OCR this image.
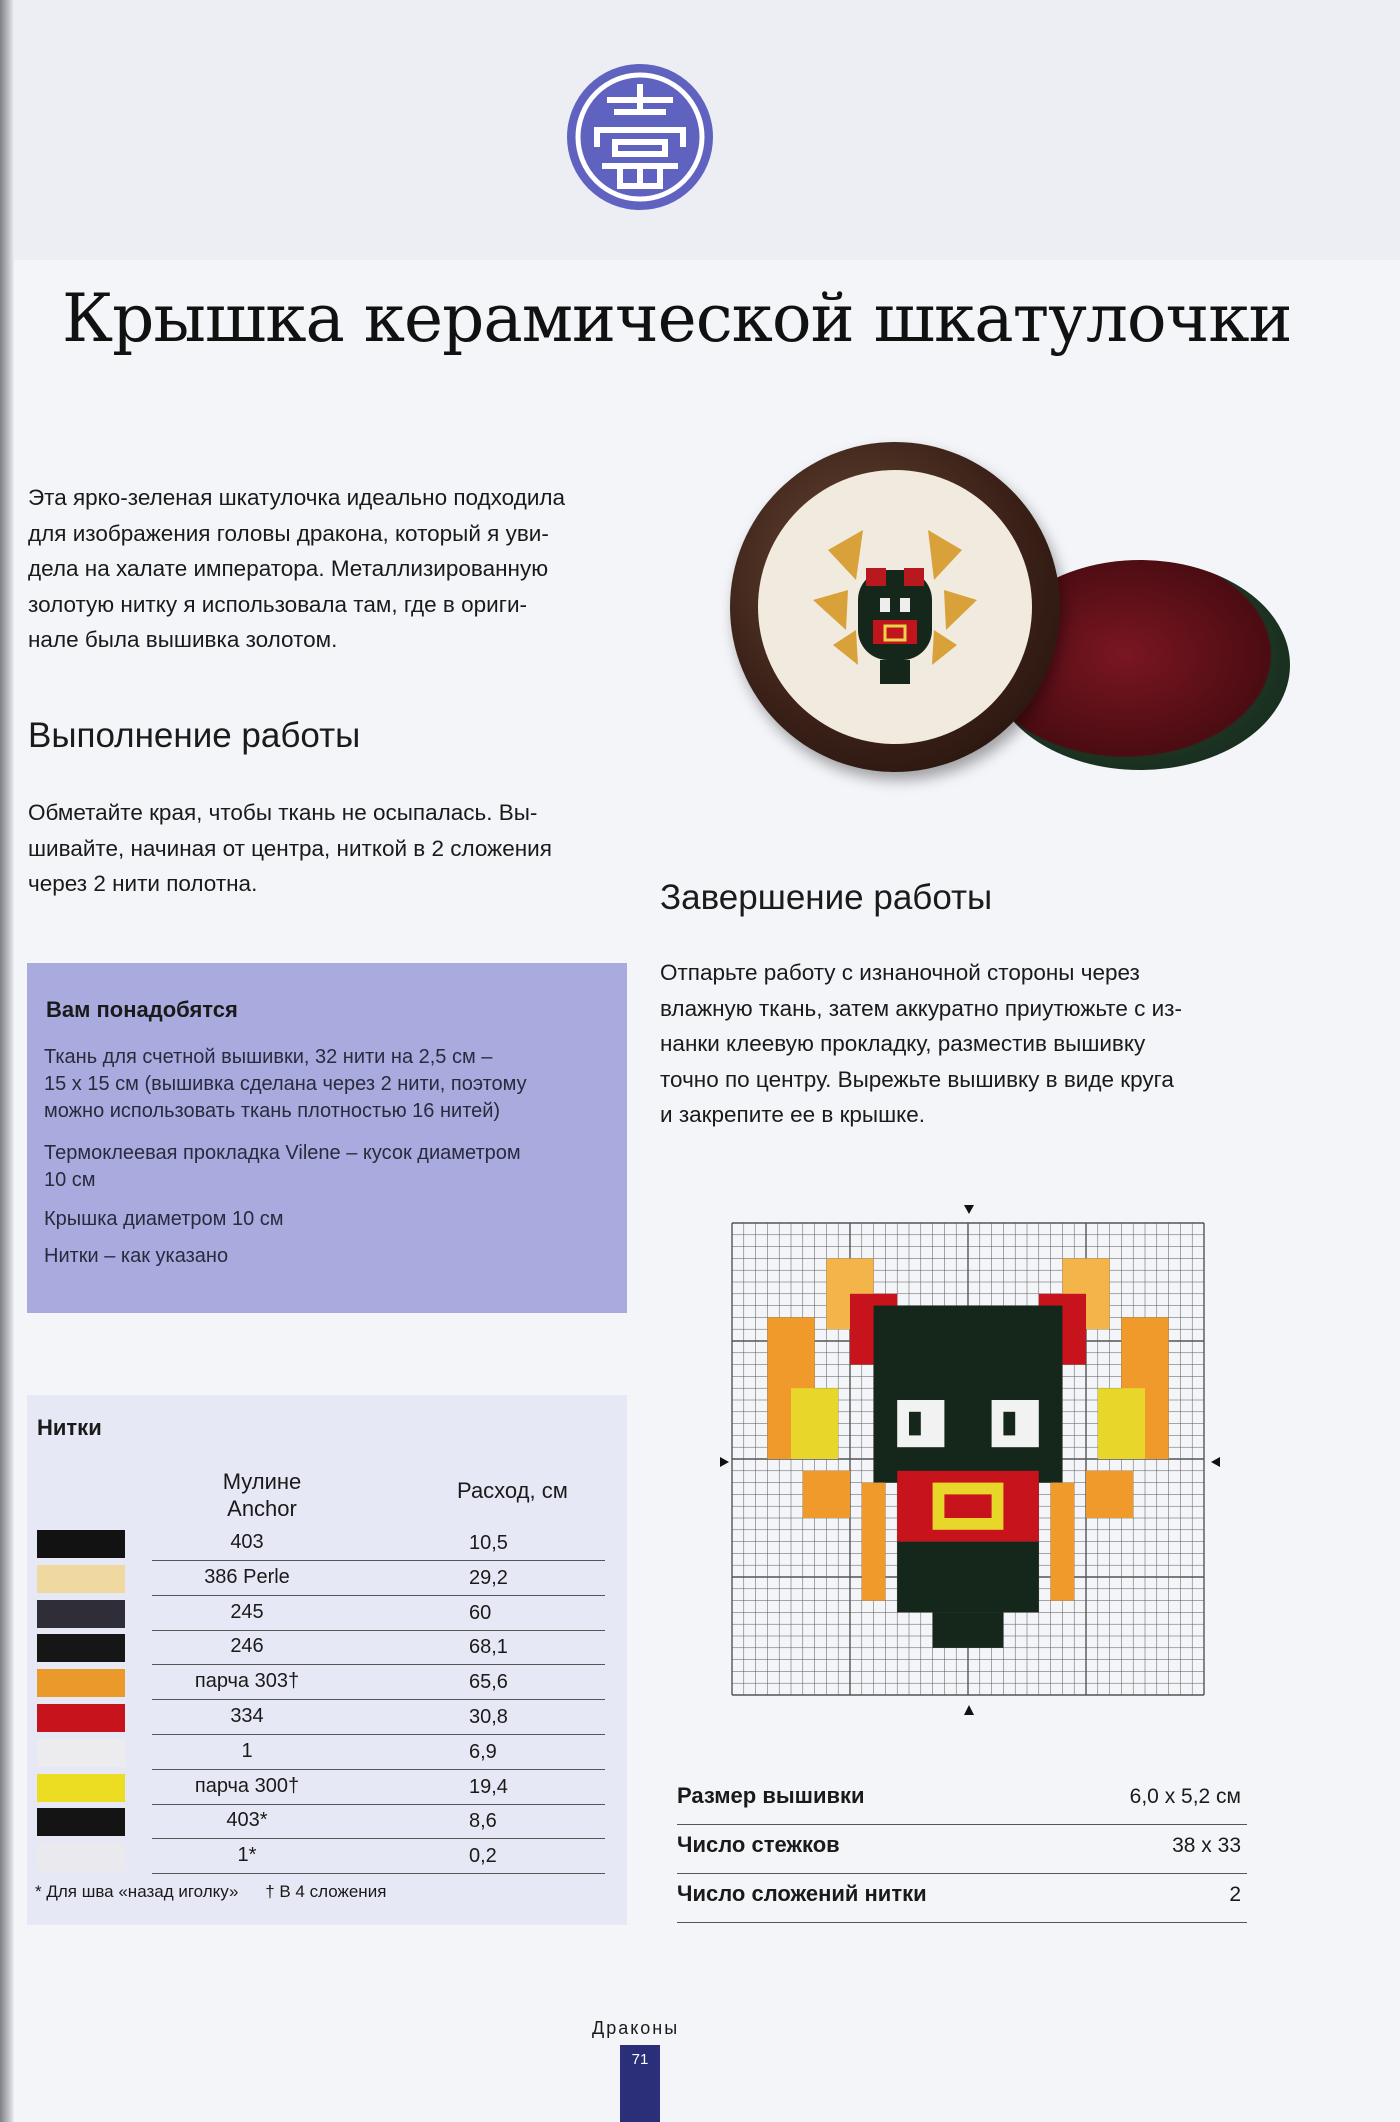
Крышка керамической шкатулочки
Эта ярко-зеленая шкатулочка идеально подходила
для изображения головы дракона, который я уви-
дела на халате императора. Металлизированную
золотую нитку я использовала там, где в ориги-
нале была вышивка золотом.
Выполнение работы
Обметайте края, чтобы ткань не осыпалась. Вы-
шивайте, начиная от центра, ниткой в 2 сложения
через 2 нити полотна.
Вам понадобятся
Ткань для счетной вышивки, 32 нити на 2,5 см –
15 x 15 см (вышивка сделана через 2 нити, поэтому
можно использовать ткань плотностью 16 нитей)
Термоклеевая прокладка Vilene – кусок диаметром
10 см
Крышка диаметром 10 см
Нитки – как указано
Нитки
Мулине
Anchor
Расход, см
403	10,5
386 Perle	29,2
245	60
246	68,1
парча 303†	65,6
334	30,8
1	6,9
парча 300†	19,4
403*	8,6
1*	0,2
* Для шва «назад иголку» † В 4 сложения
Завершение работы
Отпарьте работу с изнаночной стороны через
влажную ткань, затем аккуратно приутюжьте с из-
нанки клеевую прокладку, разместив вышивку
точно по центру. Вырежьте вышивку в виде круга
и закрепите ее в крышке.
Размер вышивки	6,0 x 5,2 см
Число стежков	38 x 33
Число сложений нитки	2
Драконы
71
